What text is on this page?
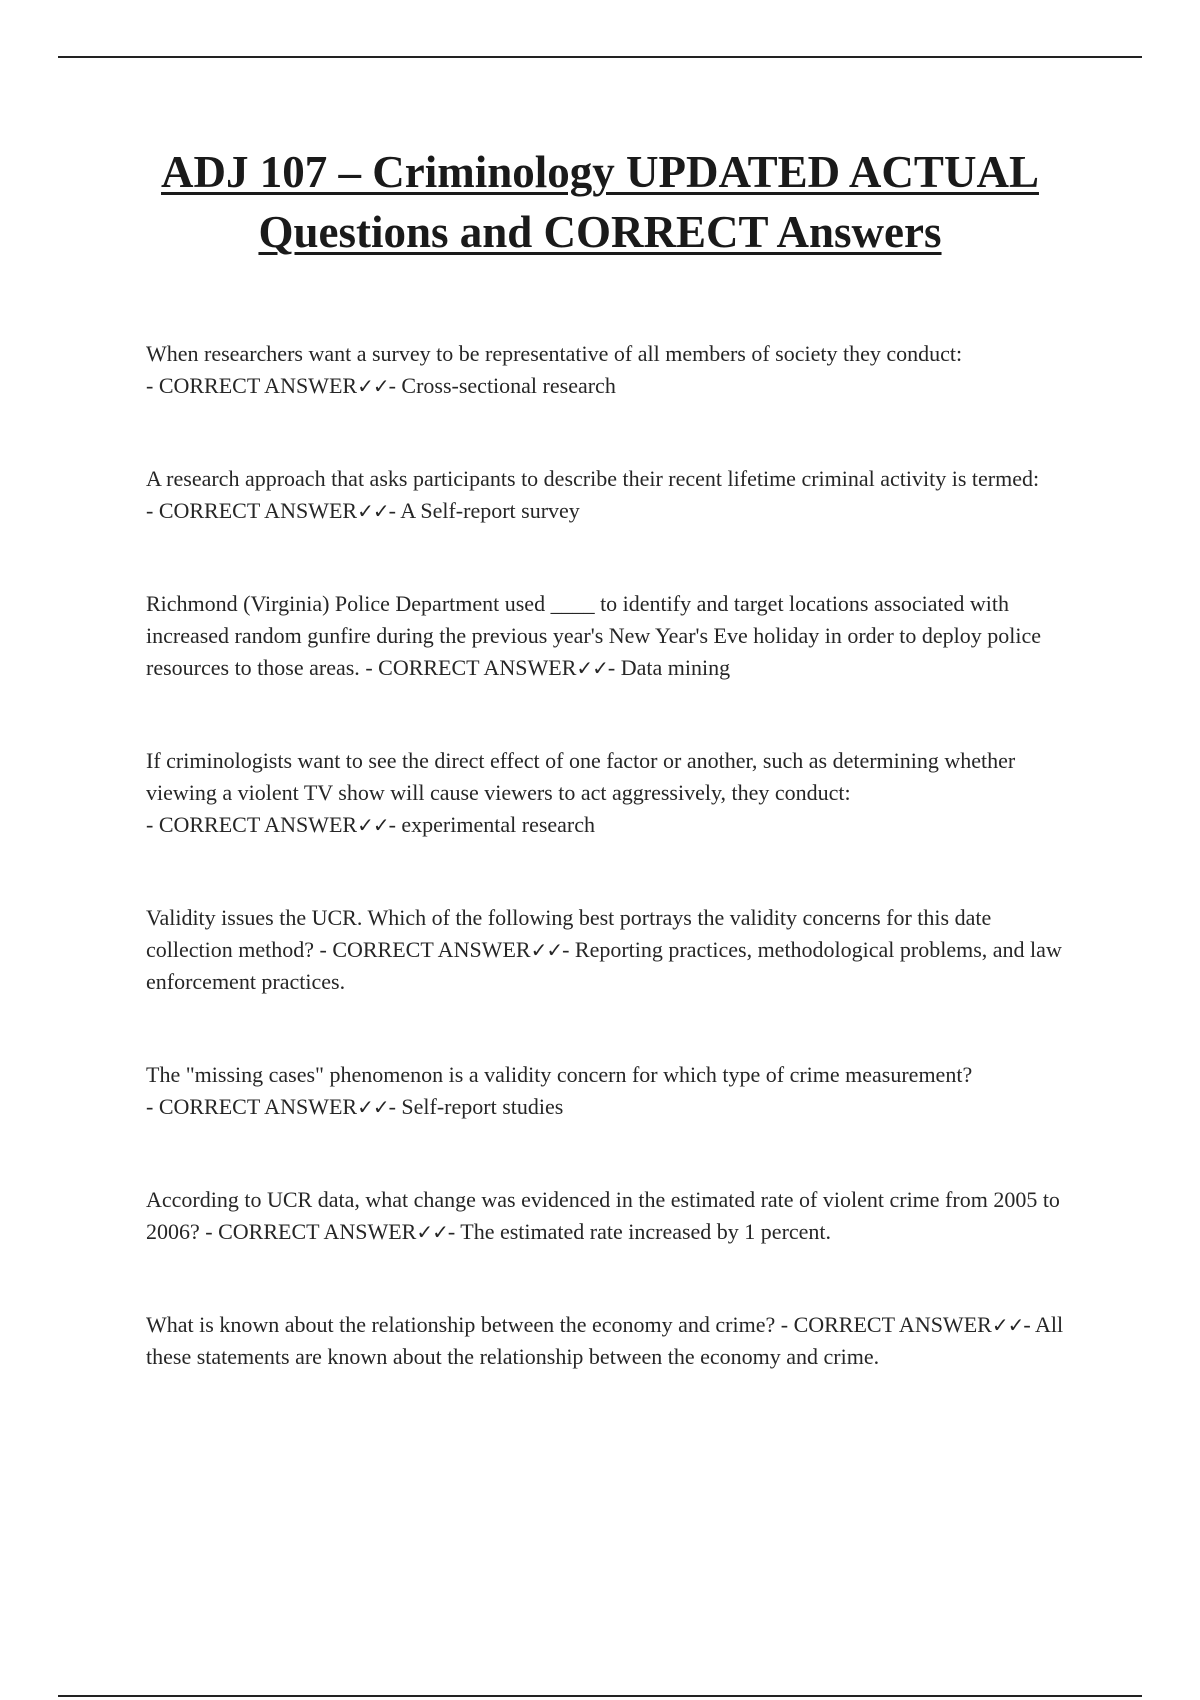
ADJ 107 – Criminology UPDATED ACTUAL Questions and CORRECT Answers
When researchers want a survey to be representative of all members of society they conduct: - CORRECT ANSWER✓✓- Cross-sectional research
A research approach that asks participants to describe their recent lifetime criminal activity is termed: - CORRECT ANSWER✓✓- A Self-report survey
Richmond (Virginia) Police Department used ____ to identify and target locations associated with increased random gunfire during the previous year's New Year's Eve holiday in order to deploy police resources to those areas. - CORRECT ANSWER✓✓- Data mining
If criminologists want to see the direct effect of one factor or another, such as determining whether viewing a violent TV show will cause viewers to act aggressively, they conduct: - CORRECT ANSWER✓✓- experimental research
Validity issues the UCR. Which of the following best portrays the validity concerns for this date collection method? - CORRECT ANSWER✓✓- Reporting practices, methodological problems, and law enforcement practices.
The "missing cases" phenomenon is a validity concern for which type of crime measurement? - CORRECT ANSWER✓✓- Self-report studies
According to UCR data, what change was evidenced in the estimated rate of violent crime from 2005 to 2006? - CORRECT ANSWER✓✓- The estimated rate increased by 1 percent.
What is known about the relationship between the economy and crime? - CORRECT ANSWER✓✓- All these statements are known about the relationship between the economy and crime.
